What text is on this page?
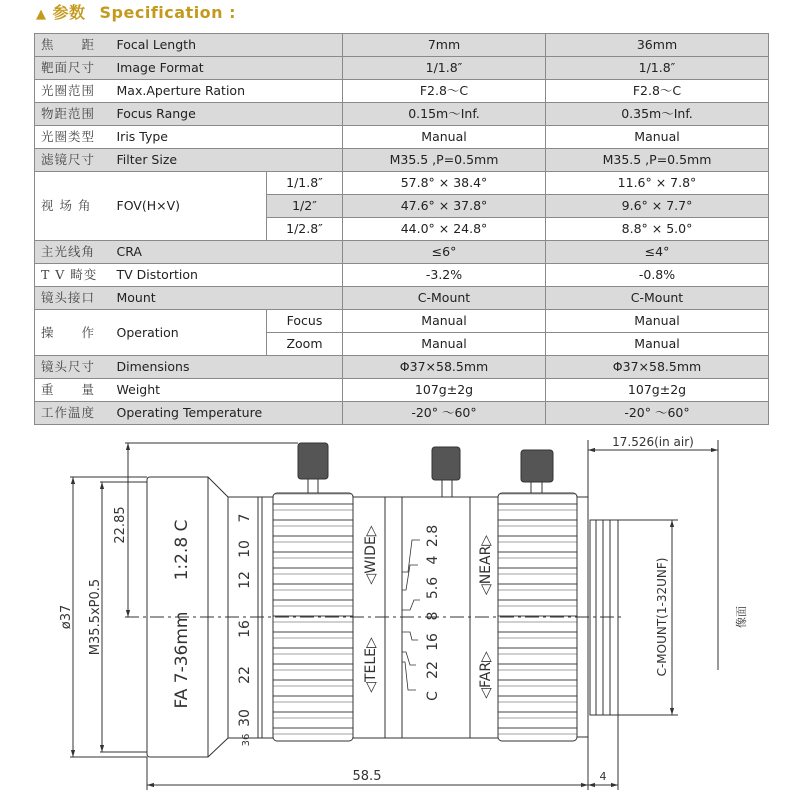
▲ 参数 Specification :
焦　　距	Focal Length		7mm	36mm
靶面尺寸	Image Format		1/1.8″	1/1.8″
光圈范围	Max.Aperture Ration		F2.8～C	F2.8～C
物距范围	Focus Range		0.15m～Inf.	0.35m～Inf.
光圈类型	Iris Type		Manual	Manual
滤镜尺寸	Filter Size		M35.5 ,P=0.5mm	M35.5 ,P=0.5mm
视 场 角	FOV(H×V)	1/1.8″	57.8° × 38.4°	11.6° × 7.8°
		1/2″	47.6° × 37.8°	9.6° × 7.7°
		1/2.8″	44.0° × 24.8°	8.8° × 5.0°
主光线角	CRA		≤6°	≤4°
T V 畸变	TV Distortion		-3.2%	-0.8%
镜头接口	Mount		C-Mount	C-Mount
操　　作	Operation	Focus	Manual	Manual
		Zoom	Manual	Manual
镜头尺寸	Dimensions		Φ37×58.5mm	Φ37×58.5mm
重　　量	Weight		107g±2g	107g±2g
工作温度	Operating Temperature		-20° ～60°	-20° ～60°
ø37 M35.5xP0.5
22.85
58.5	4
17.526(in air)
像面
C-MOUNT(1-32UNF)
FA 7-36mm
1:2.8 C
7
10
12
16
22
30
36
◁WIDE▷
◁TELE▷
2.8
4
5.6
8
16
22
C
◁NEAR▷
◁FAR▷
